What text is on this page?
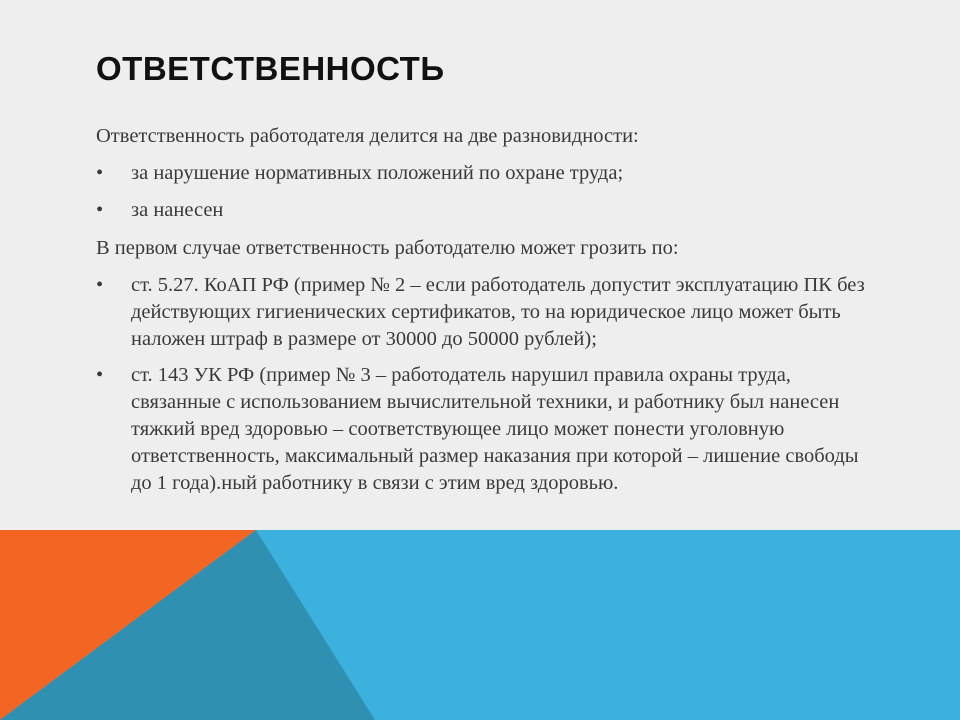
ОТВЕТСТВЕННОСТЬ

Ответственность работодателя делится на две разновидности:

• за нарушение нормативных положений по охране труда;
• за нанесен

В первом случае ответственность работодателю может грозить по:

• ст. 5.27. КоАП РФ (пример № 2 – если работодатель допустит эксплуатацию ПК без действующих гигиенических сертификатов, то на юридическое лицо может быть наложен штраф в размере от 30000 до 50000 рублей);
• ст. 143 УК РФ (пример № 3 – работодатель нарушил правила охраны труда, связанные с использованием вычислительной техники, и работнику был нанесен тяжкий вред здоровью – соответствующее лицо может понести уголовную ответственность, максимальный размер наказания при которой – лишение свободы до 1 года).ный работнику в связи с этим вред здоровью.
